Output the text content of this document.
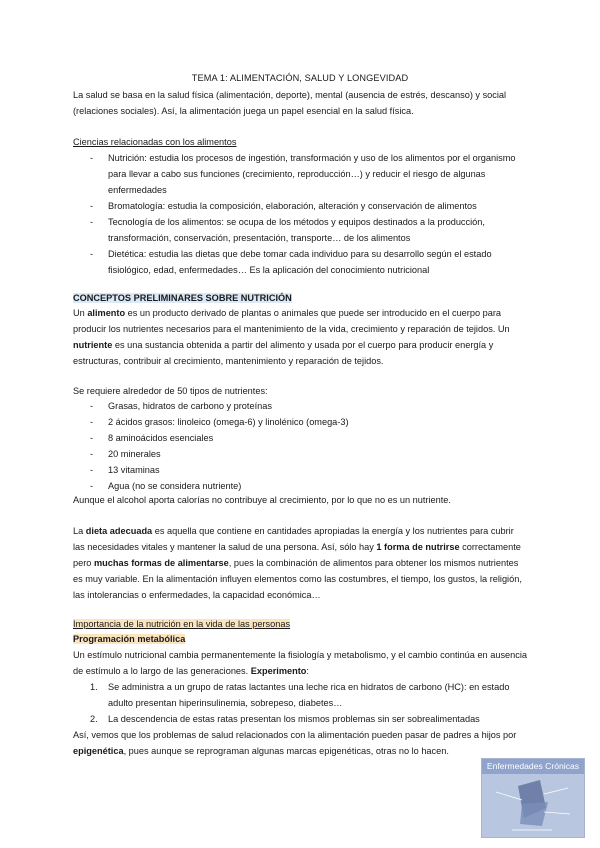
TEMA 1: ALIMENTACIÓN, SALUD Y LONGEVIDAD

La salud se basa en la salud física (alimentación, deporte), mental (ausencia de estrés, descanso) y social (relaciones sociales). Así, la alimentación juega un papel esencial en la salud física.

Ciencias relacionadas con los alimentos
- Nutrición: estudia los procesos de ingestión, transformación y uso de los alimentos por el organismo para llevar a cabo sus funciones (crecimiento, reproducción…) y reducir el riesgo de algunas enfermedades
- Bromatología: estudia la composición, elaboración, alteración y conservación de alimentos
- Tecnología de los alimentos: se ocupa de los métodos y equipos destinados a la producción, transformación, conservación, presentación, transporte… de los alimentos
- Dietética: estudia las dietas que debe tomar cada individuo para su desarrollo según el estado fisiológico, edad, enfermedades… Es la aplicación del conocimiento nutricional
CONCEPTOS PRELIMINARES SOBRE NUTRICIÓN

Un alimento es un producto derivado de plantas o animales que puede ser introducido en el cuerpo para producir los nutrientes necesarios para el mantenimiento de la vida, crecimiento y reparación de tejidos. Un nutriente es una sustancia obtenida a partir del alimento y usada por el cuerpo para producir energía y estructuras, contribuir al crecimiento, mantenimiento y reparación de tejidos.

Se requiere alrededor de 50 tipos de nutrientes:
- Grasas, hidratos de carbono y proteínas
- 2 ácidos grasos: linoleico (omega-6) y linolénico (omega-3)
- 8 aminoácidos esenciales
- 20 minerales
- 13 vitaminas
- Agua (no se considera nutriente)
Aunque el alcohol aporta calorías no contribuye al crecimiento, por lo que no es un nutriente.

La dieta adecuada es aquella que contiene en cantidades apropiadas la energía y los nutrientes para cubrir las necesidades vitales y mantener la salud de una persona. Así, sólo hay 1 forma de nutrirse correctamente pero muchas formas de alimentarse, pues la combinación de alimentos para obtener los mismos nutrientes es muy variable. En la alimentación influyen elementos como las costumbres, el tiempo, los gustos, la religión, las intolerancias o enfermedades, la capacidad económica…

Importancia de la nutrición en la vida de las personas
Programación metabólica

Un estímulo nutricional cambia permanentemente la fisiología y metabolismo, y el cambio continúa en ausencia de estímulo a lo largo de las generaciones. Experimento:

1. Se administra a un grupo de ratas lactantes una leche rica en hidratos de carbono (HC): en estado adulto presentan hiperinsulinemia, sobrepeso, diabetes…
2. La descendencia de estas ratas presentan los mismos problemas sin ser sobrealimentadas

Así, vemos que los problemas de salud relacionados con la alimentación pueden pasar de padres a hijos por epigenética, pues aunque se reprograman algunas marcas epigenéticas, otras no lo hacen.

Enfermedades Crónicas
